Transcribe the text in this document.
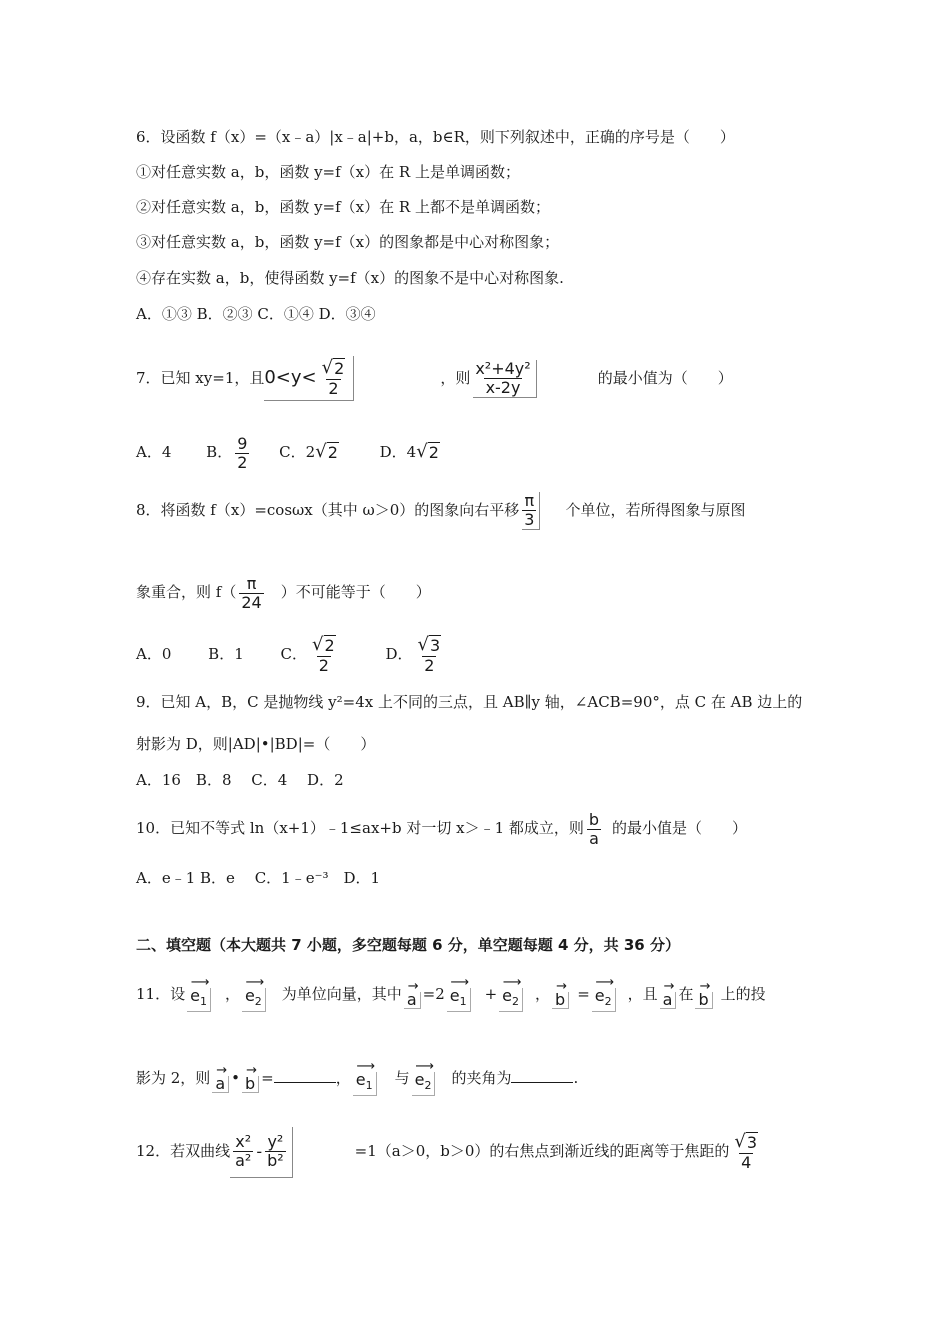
6．设函数 f（x）=（x﹣a）|x﹣a|+b，a，b∈R，则下列叙述中，正确的序号是（　　）
①对任意实数 a，b，函数 y=f（x）在 R 上是单调函数；
②对任意实数 a，b，函数 y=f（x）在 R 上都不是单调函数；
③对任意实数 a，b，函数 y=f（x）的图象都是中心对称图象；
④存在实数 a，b，使得函数 y=f（x）的图象不是中心对称图象.
A．①③ B．②③ C．①④ D．③④
7．已知 xy=1，且 $0<y< \frac{√ 2}{2}$	，则 $\frac{\text{x²+4y²}}{x-2y}$	的最小值为（　　）
A．4 B． $\frac{9}{2}$ C．2 √ 2	D．4 √ 2
8．将函数 f（x）=cosωx（其中 ω＞0）的图象向右平移 $\frac{\pi}{3}$ 个单位，若所得图象与原图
象重合，则 $f( \frac{\pi}{24}$ ）不可能等于（　　）
A．0 B．1 C． $\frac{√ 2}{2}$	D． $\frac{√ 3}{2}$
9．已知 A，B，C 是抛物线 y²=4x 上不同的三点，且 AB∥y 轴，∠ACB=90°，点 C 在 AB 边上的
射影为 D，则|AD|•|BD|=（　　）
A．16　B．8　 C．4　 D．2
10．已知不等式 ln（x+1）﹣1≤ax+b 对一切 x＞﹣1 都成立，则 $\frac{b}{a}$ 的最小值是（　　）
A．e﹣1 B．e　 C．1﹣e⁻³　D．1
二、填空题（本大题共 7 小题，多空题每题 6 分，单空题每题 4 分，共 36 分）
11．设
⟶
$e_1$ ，
⟶
$e_2$ 为单位向量，其中 →
a =2
⟶
$e_1$ +
⟶
$e_2$ ， →
b =
⟶
$e_2$ ，且 →
a 在 →
b 上的投
影为 2，则 →
a • →
b =	，
⟶
$e_1$ 与
⟶
$e_2$ 的夹角为	.
12．若双曲线 $\frac{\text{x²}}{\text{a²}} - \frac{\text{y²}}{\text{b²}}$	=1（a＞0，b＞0）的右焦点到渐近线的距离等于焦距的 $\frac{√ 3}{4}$
